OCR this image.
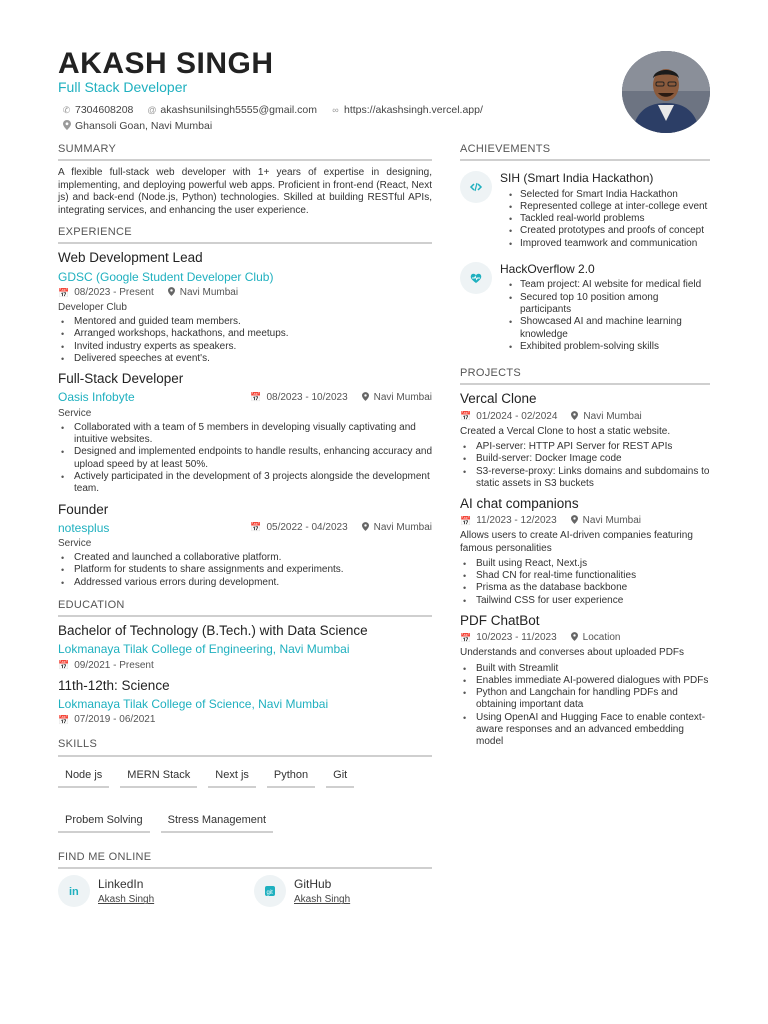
AKASH SINGH
Full Stack Developer
✆ 7304608208 @ akashsunilsingh5555@gmail.com ∞ https://akashsingh.vercel.app/
Ghansoli Goan, Navi Mumbai
SUMMARY
A flexible full-stack web developer with 1+ years of expertise in designing, implementing, and deploying powerful web apps. Proficient in front-end (React, Next js) and back-end (Node.js, Python) technologies. Skilled at building RESTful APIs, integrating services, and enhancing the user experience.
EXPERIENCE
Web Development Lead
GDSC (Google Student Developer Club)
📅 08/2023 - Present	Navi Mumbai
Developer Club
• Mentored and guided team members.
• Arranged workshops, hackathons, and meetups.
• Invited industry experts as speakers.
• Delivered speeches at event's.
Full-Stack Developer
Oasis Infobyte	📅 08/2023 - 10/2023	Navi Mumbai
Service
• Collaborated with a team of 5 members in developing visually captivating and intuitive websites.
• Designed and implemented endpoints to handle results, enhancing accuracy and upload speed by at least 50%.
• Actively participated in the development of 3 projects alongside the development team.
Founder
notesplus	📅 05/2022 - 04/2023	Navi Mumbai
Service
• Created and launched a collaborative platform.
• Platform for students to share assignments and experiments.
• Addressed various errors during development.
EDUCATION
Bachelor of Technology (B.Tech.) with Data Science
Lokmanaya Tilak College of Engineering, Navi Mumbai
📅 09/2021 - Present
11th-12th: Science
Lokmanaya Tilak College of Science, Navi Mumbai
📅 07/2019 - 06/2021
SKILLS
Node js	MERN Stack	Next js	Python	Git
Probem Solving	Stress Management
FIND ME ONLINE
in
LinkedIn
Akash Singh
git
GitHub
Akash Singh
ACHIEVEMENTS
SIH (Smart India Hackathon)
• Selected for Smart India Hackathon
• Represented college at inter-college event
• Tackled real-world problems
• Created prototypes and proofs of concept
• Improved teamwork and communication
HackOverflow 2.0
• Team project: AI website for medical field
• Secured top 10 position among participants
• Showcased AI and machine learning knowledge
• Exhibited problem-solving skills
PROJECTS
Vercal Clone
📅 01/2024 - 02/2024	Navi Mumbai
Created a Vercal Clone to host a static website.
• API-server: HTTP API Server for REST APIs
• Build-server: Docker Image code
• S3-reverse-proxy: Links domains and subdomains to static assets in S3 buckets
AI chat companions
📅 11/2023 - 12/2023	Navi Mumbai
Allows users to create AI-driven companies featuring famous personalities
• Built using React, Next.js
• Shad CN for real-time functionalities
• Prisma as the database backbone
• Tailwind CSS for user experience
PDF ChatBot
📅 10/2023 - 11/2023	Location
Understands and converses about uploaded PDFs
• Built with Streamlit
• Enables immediate AI-powered dialogues with PDFs
• Python and Langchain for handling PDFs and obtaining important data
• Using OpenAI and Hugging Face to enable context-aware responses and an advanced embedding model
